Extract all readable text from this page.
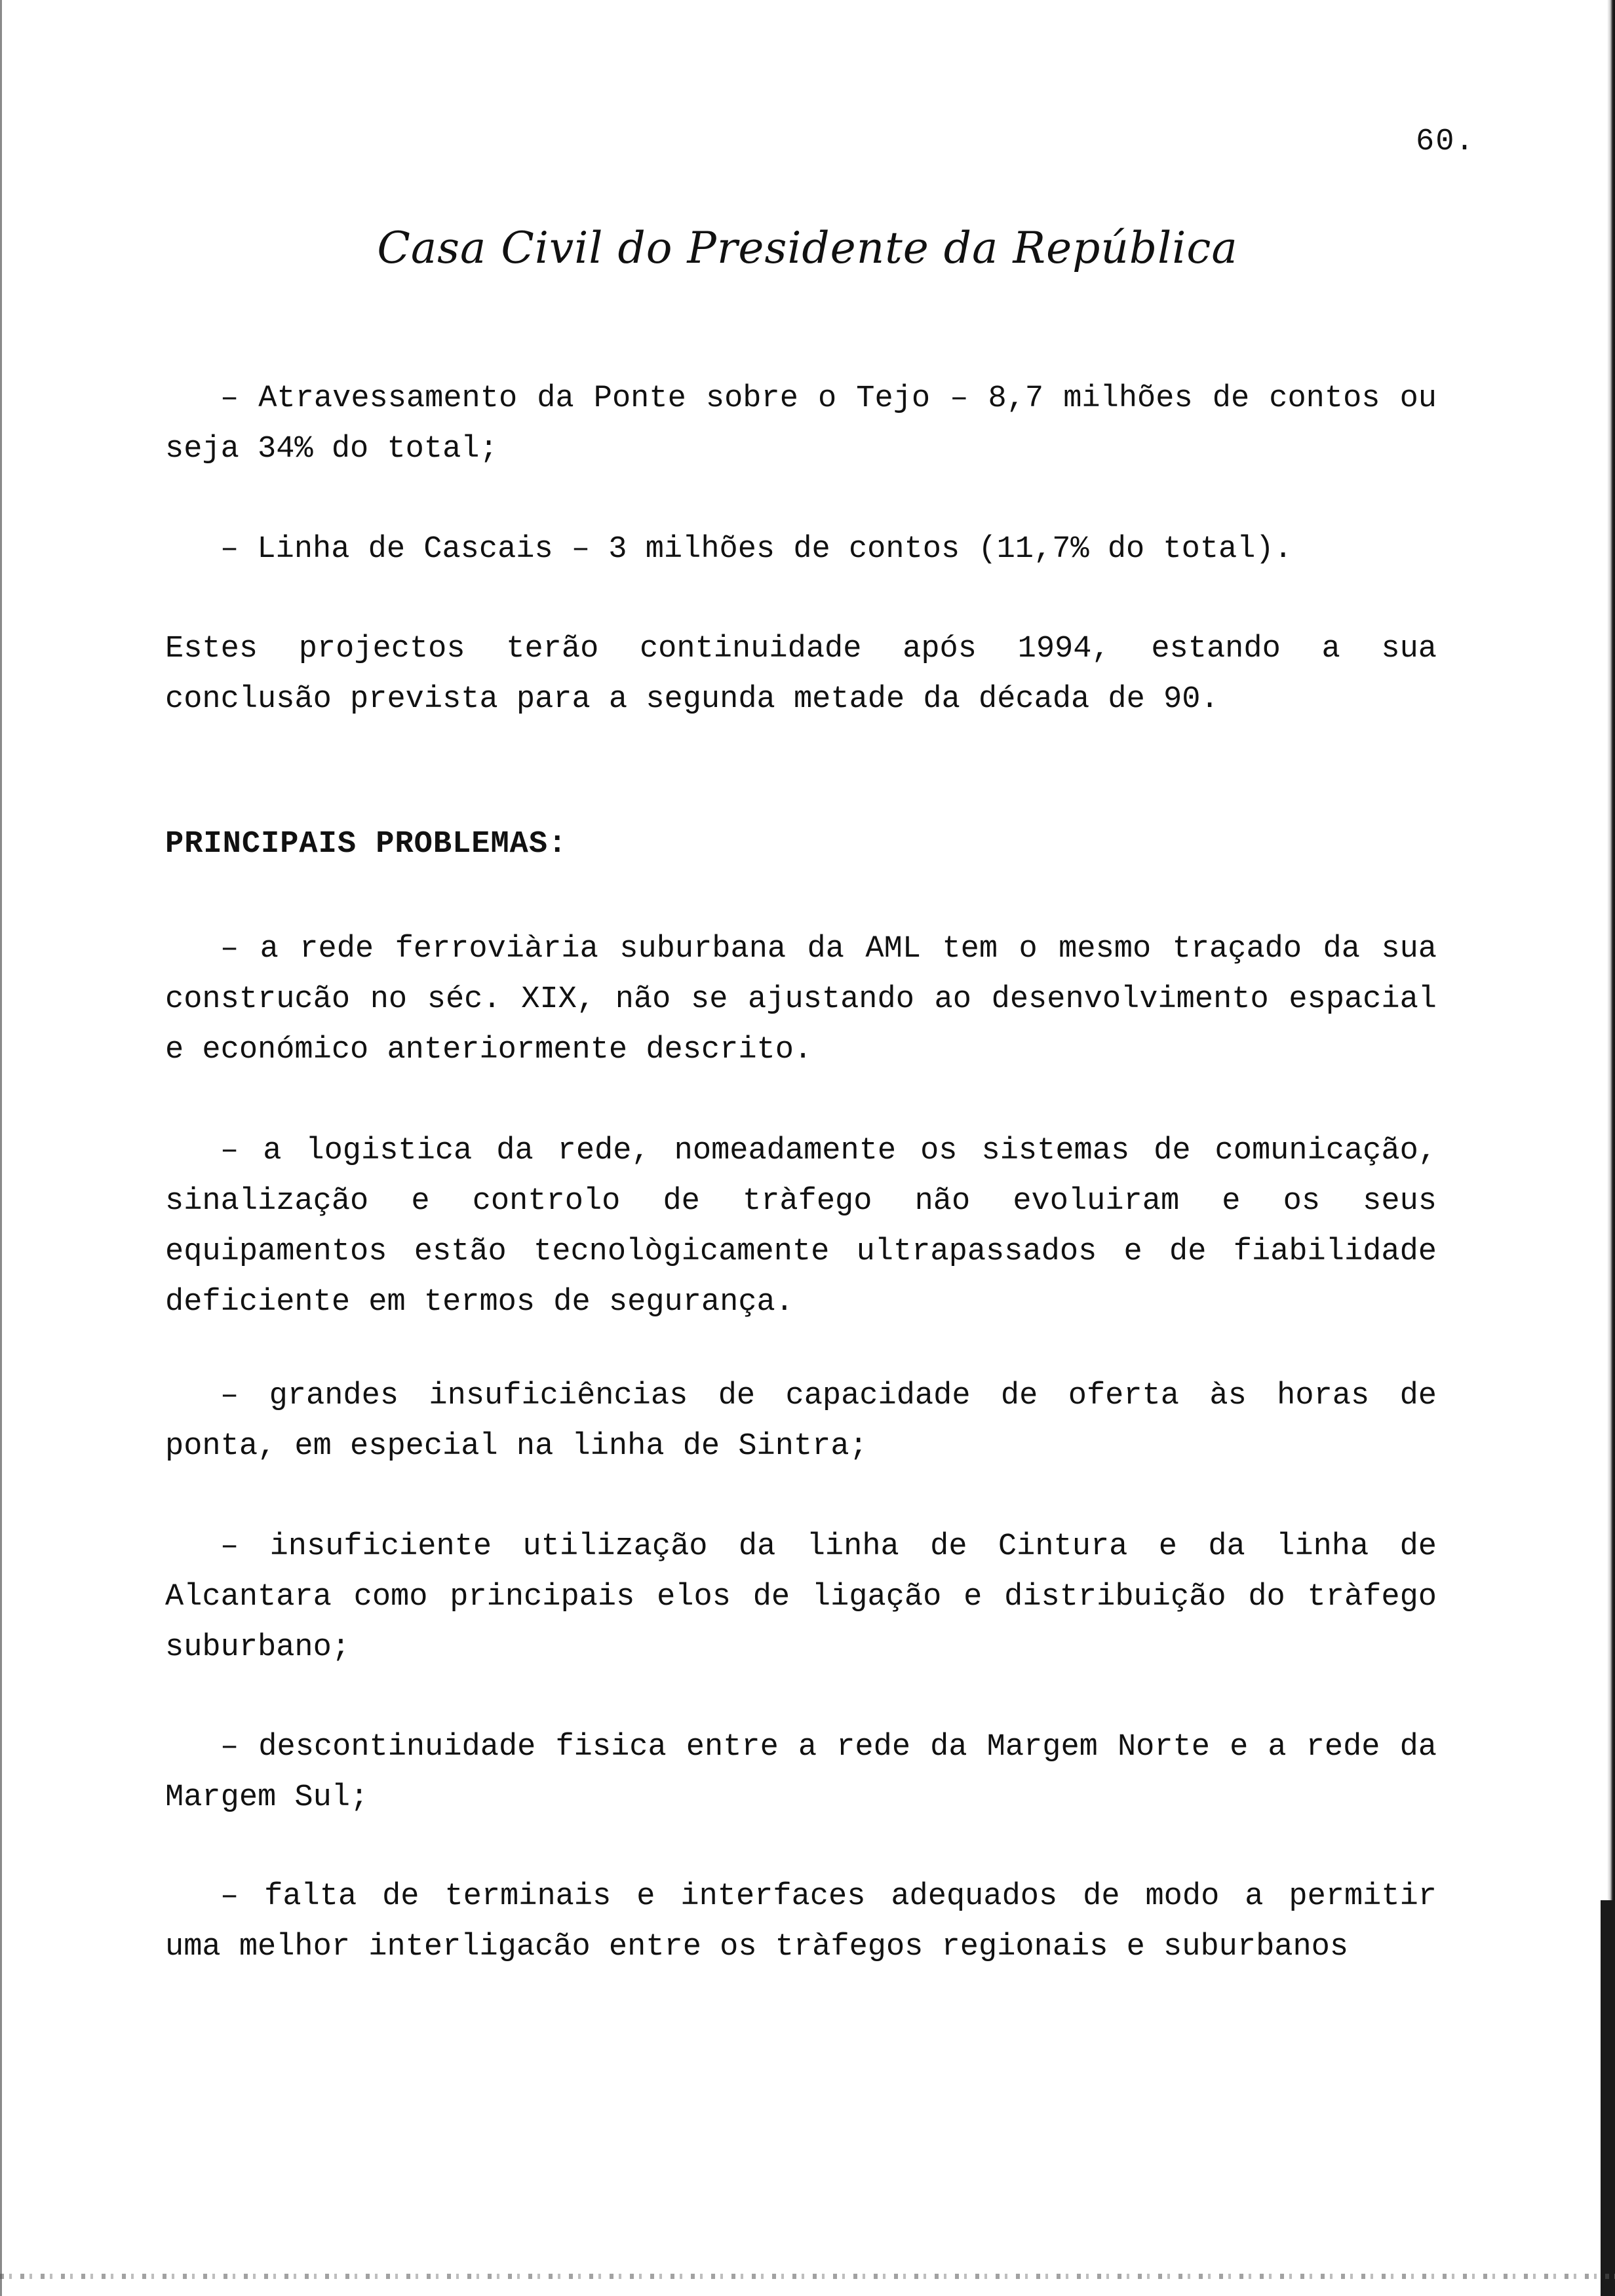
60.
Casa Civil do Presidente da República

– Atravessamento da Ponte sobre o Tejo – 8,7 milhões de contos ou seja 34% do total;

– Linha de Cascais – 3 milhões de contos (11,7% do total).

Estes projectos terão continuidade após 1994, estando a sua conclusão prevista para a segunda metade da década de 90.

PRINCIPAIS PROBLEMAS:

– a rede ferroviària suburbana da AML tem o mesmo traçado da sua construcão no séc. XIX, não se ajustando ao desenvolvimento espacial e económico anteriormente descrito.

– a logistica da rede, nomeadamente os sistemas de comunicação, sinalização e controlo de tràfego não evoluiram e os seus equipamentos estão tecnològicamente ultrapassados e de fiabilidade deficiente em termos de segurança.

– grandes insuficiências de capacidade de oferta às horas de ponta, em especial na linha de Sintra;

– insuficiente utilização da linha de Cintura e da linha de Alcantara como principais elos de ligação e distribuição do tràfego suburbano;

– descontinuidade fisica entre a rede da Margem Norte e a rede da Margem Sul;

– falta de terminais e interfaces adequados de modo a permitir uma melhor interligacão entre os tràfegos regionais e suburbanos
